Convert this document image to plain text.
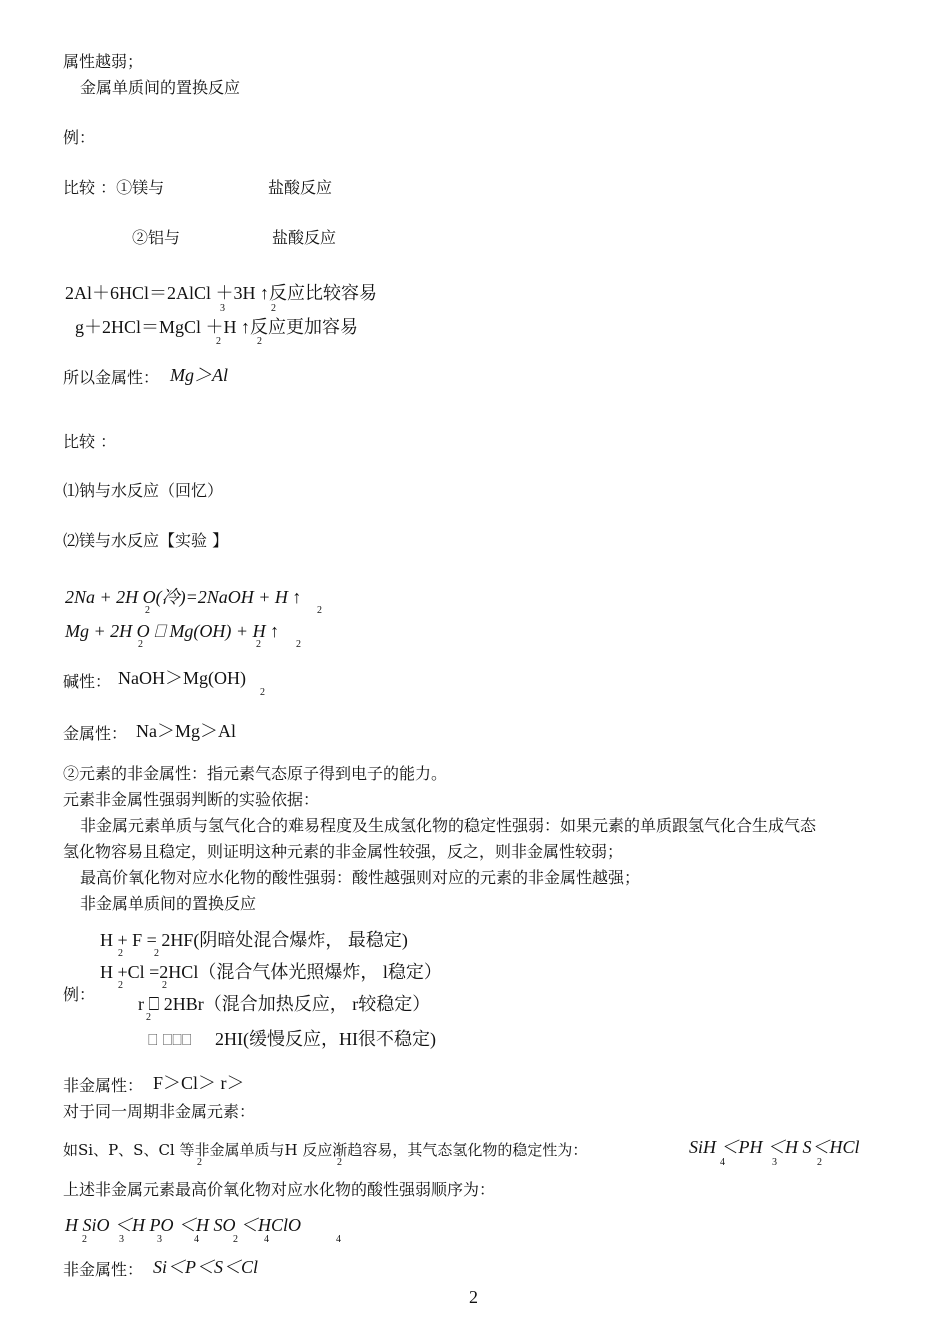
属性越弱；
金属单质间的置换反应
例：
比较 ：①镁与	盐酸反应
②铝与	盐酸反应
2Al＋6HCl＝2AlCl ＋3H ↑反应比较容易
3	2
g＋2HCl＝MgCl ＋H ↑反应更加容易
2	2
所以金属性： Mg＞Al
比较 ：
⑴钠与水反应（回忆）
⑵镁与水反应【实验 】
2Na + 2H O(冷)=2NaOH + H ↑
2	2
Mg + 2H O ⎕ Mg(OH) + H ↑
2	2	2
碱性： NaOH＞Mg(OH)
2
金属性： Na＞Mg＞Al
②元素的非金属性：指元素气态原子得到电子的能力。
元素非金属性强弱判断的实验依据：
非金属元素单质与氢气化合的难易程度及生成氢化物的稳定性强弱：如果元素的单质跟氢气化合生成气态
氢化物容易且稳定，则证明这种元素的非金属性较强，反之，则非金属性较弱；
最高价氧化物对应水化物的酸性强弱：酸性越强则对应的元素的非金属性越强；
非金属单质间的置换反应
H + F = 2HF(阴暗处混合爆炸， 最稳定)
2	2
H +Cl =2HCl（混合气体光照爆炸， l稳定）
2	2
例： r ⎕ 2HBr（混合加热反应， r较稳定）
2
⎕ ⎕⎕⎕ 2HI(缓慢反应，HI很不稳定)
非金属性： F＞Cl＞ r＞
对于同一周期非金属元素：
如Si、P、S、Cl 等非金属单质与H 反应渐趋容易，其气态氢化物的稳定性为：
2	2
SiH ＜PH ＜H S＜HCl
4	3	2
上述非金属元素最高价氧化物对应水化物的酸性强弱顺序为：
H SiO ＜H PO ＜H SO ＜HClO
2	3	3	4	2	4	4
非金属性： Si＜P＜S＜Cl
2
